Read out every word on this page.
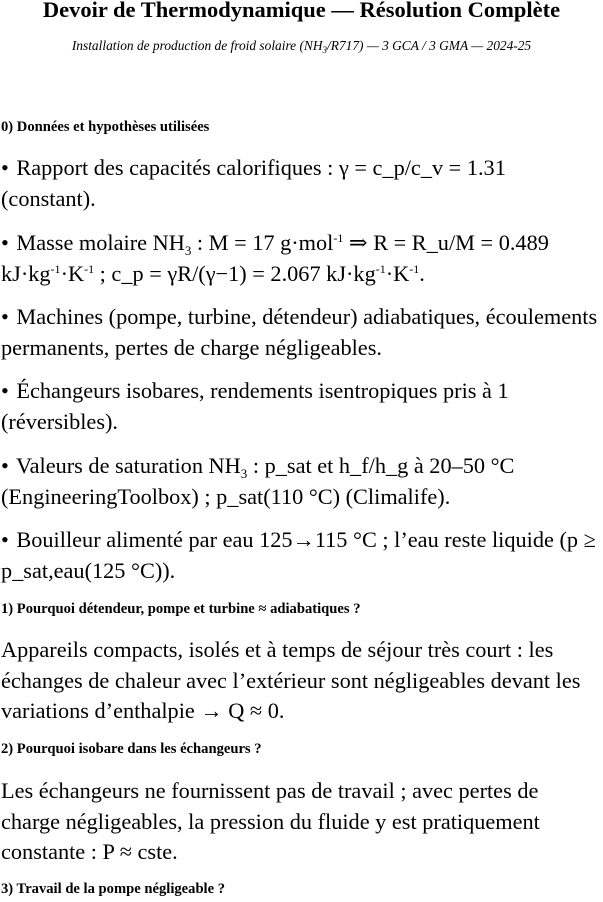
Devoir de Thermodynamique — Résolution Complète
Installation de production de froid solaire $(NH_3/R717)$ — 3 GCA / 3 GMA — 2024-25
0) Données et hypothèses utilisées
• Rapport des capacités calorifiques : γ = c_p/c_v = 1.31 (constant).
• Masse molaire $NH_3$ : M = 17 g·mol$^{-1}$ ⇒ R = R_u/M = 0.489 $kJ\cdot kg^{-1}\cdot K^{-1}$ ; c_p = γR/(γ−1) = 2.067 $kJ\cdot kg^{-1}\cdot K^{-1}$.
• Machines (pompe, turbine, détendeur) adiabatiques, écoulements permanents, pertes de charge négligeables.
• Échangeurs isobares, rendements isentropiques pris à 1 (réversibles).
• Valeurs de saturation $NH_3$ : p_sat et h_f/h_g à 20–50 °C (EngineeringToolbox) ; p_sat(110 °C) (Climalife).
• Bouilleur alimenté par eau 125→115 °C ; l’eau reste liquide (p ≥ p_sat,eau(125 °C)).
1) Pourquoi détendeur, pompe et turbine ≈ adiabatiques ?
Appareils compacts, isolés et à temps de séjour très court : les échanges de chaleur avec l’extérieur sont négligeables devant les variations d’enthalpie → Q ≈ 0.
2) Pourquoi isobare dans les échangeurs ?
Les échangeurs ne fournissent pas de travail ; avec pertes de charge négligeables, la pression du fluide y est pratiquement constante : P ≈ cste.
3) Travail de la pompe négligeable ?
